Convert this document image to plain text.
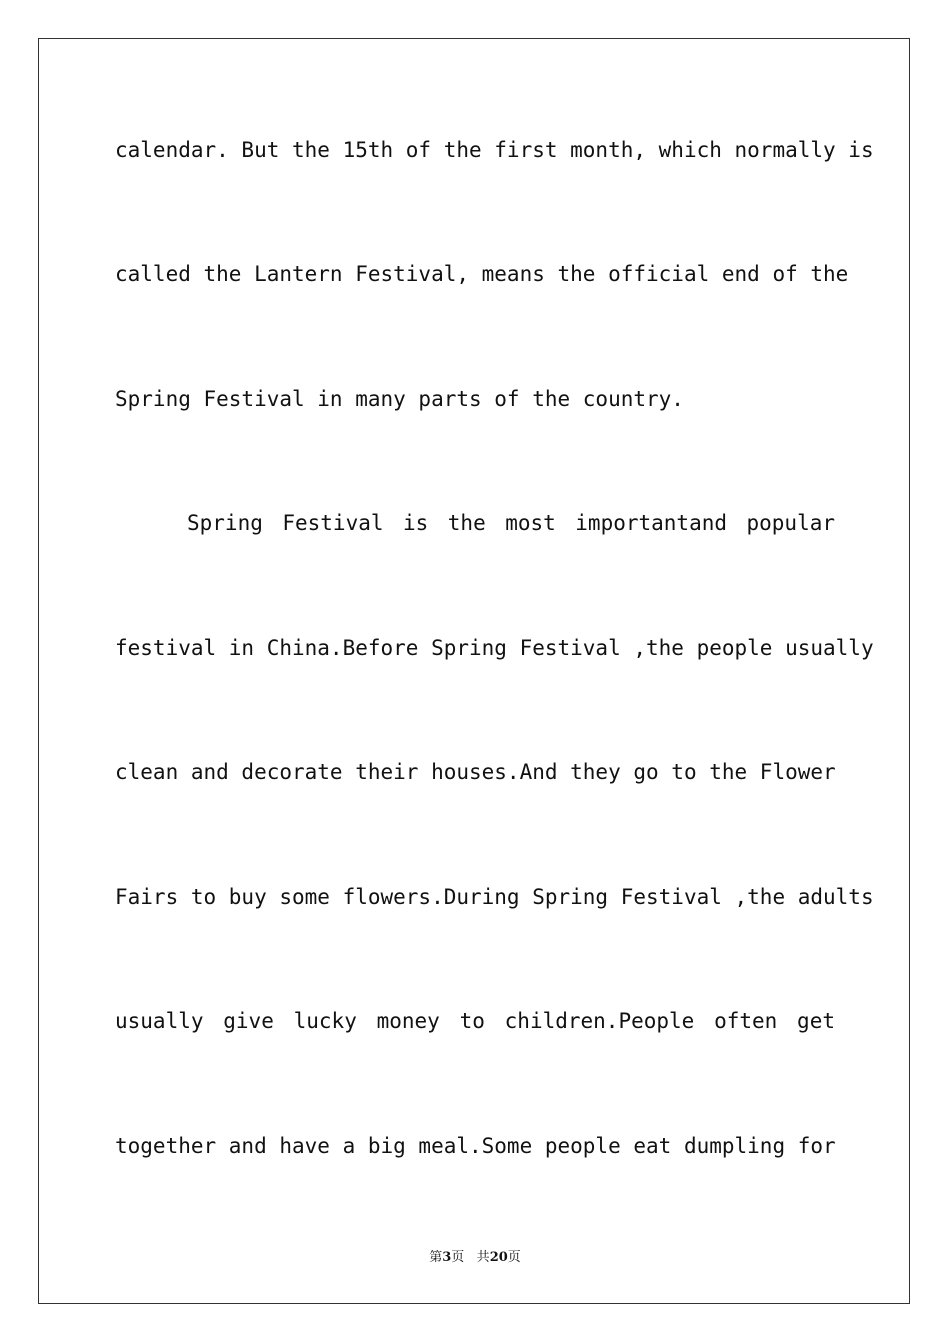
calendar. But the 15th of the first month, which normally is
called the Lantern Festival, means the official end of the
Spring Festival in many parts of the country.
Spring Festival is the most importantand popular
festival in China.Before Spring Festival ,the people usually
clean and decorate their houses.And they go to the Flower
Fairs to buy some flowers.During Spring Festival ,the adults
usually give lucky money to children.People often get
together and have a big meal.Some people eat dumpling for
第3页 共20页
